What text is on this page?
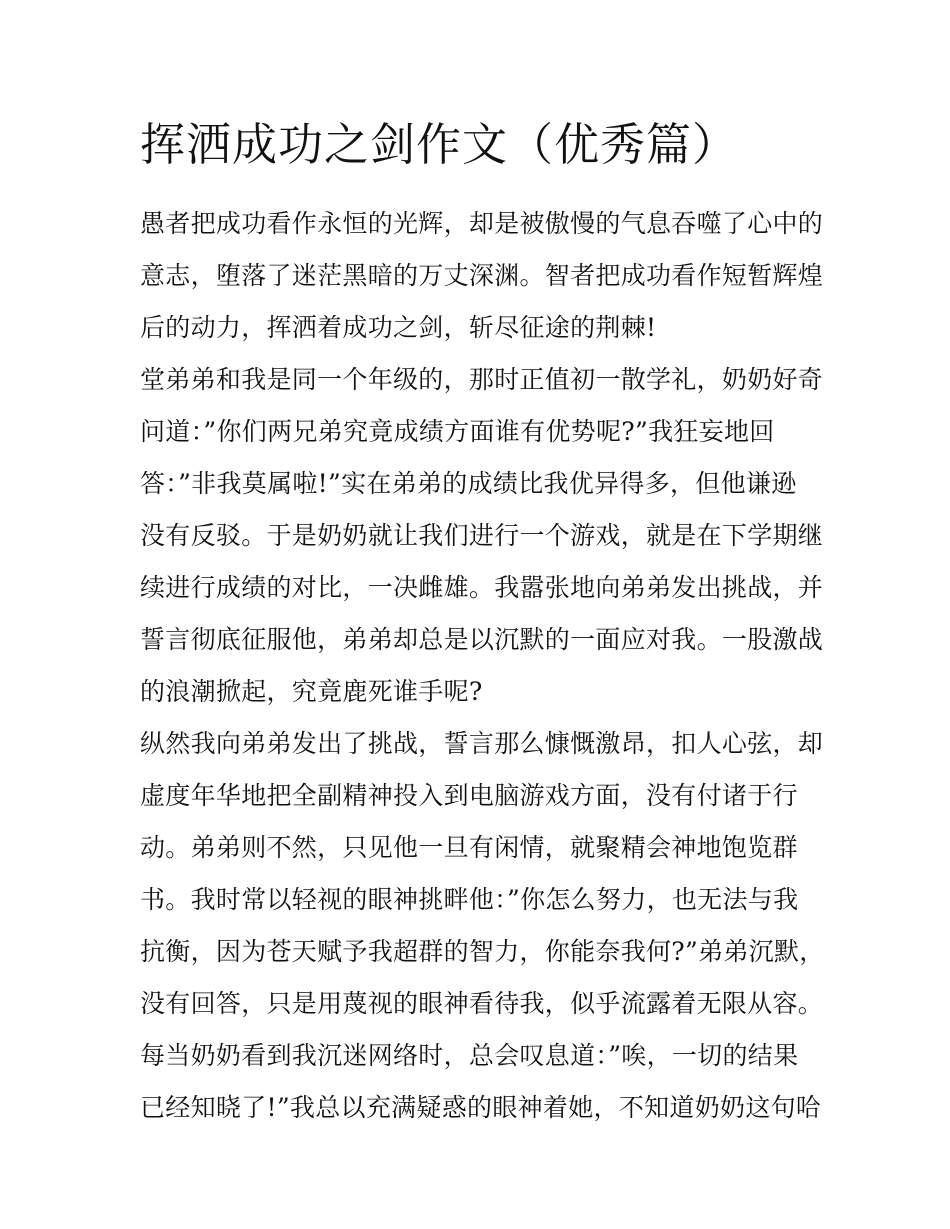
挥洒成功之剑作文（优秀篇）
愚者把成功看作永恒的光辉，却是被傲慢的气息吞噬了心中的
意志，堕落了迷茫黑暗的万丈深渊。智者把成功看作短暂辉煌
后的动力，挥洒着成功之剑，斩尽征途的荆棘!
堂弟弟和我是同一个年级的，那时正值初一散学礼，奶奶好奇
问道：”你们两兄弟究竟成绩方面谁有优势呢?”我狂妄地回
答：”非我莫属啦!”实在弟弟的成绩比我优异得多，但他谦逊
没有反驳。于是奶奶就让我们进行一个游戏，就是在下学期继
续进行成绩的对比，一决雌雄。我嚣张地向弟弟发出挑战，并
誓言彻底征服他，弟弟却总是以沉默的一面应对我。一股激战
的浪潮掀起，究竟鹿死谁手呢?
纵然我向弟弟发出了挑战，誓言那么慷慨激昂，扣人心弦，却
虚度年华地把全副精神投入到电脑游戏方面，没有付诸于行
动。弟弟则不然，只见他一旦有闲情，就聚精会神地饱览群
书。我时常以轻视的眼神挑畔他：”你怎么努力，也无法与我
抗衡，因为苍天赋予我超群的智力，你能奈我何?”弟弟沉默，
没有回答，只是用蔑视的眼神看待我，似乎流露着无限从容。
每当奶奶看到我沉迷网络时，总会叹息道：”唉，一切的结果
已经知晓了!”我总以充满疑惑的眼神着她，不知道奶奶这句哈
